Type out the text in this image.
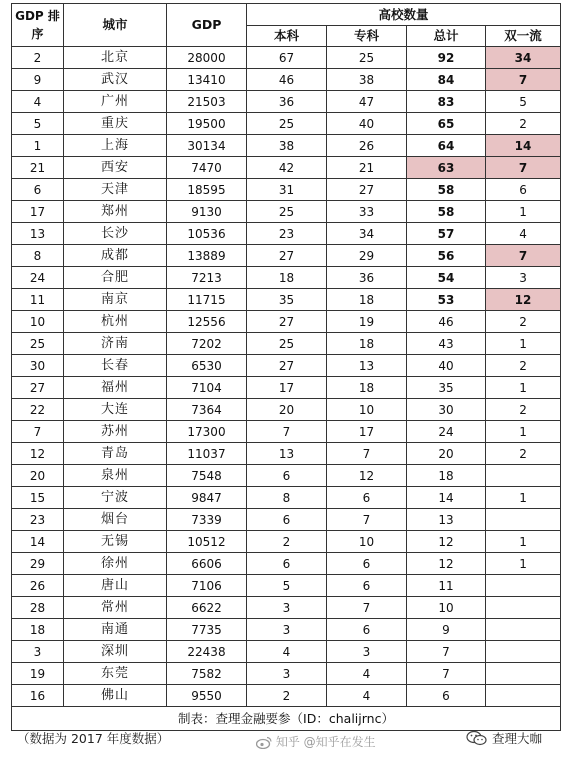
GDP 排序	城市	GDP	高校数量			
			本科	专科	总计	双一流
2	北京	28000	67	25	92	34
9	武汉	13410	46	38	84	7
4	广州	21503	36	47	83	5
5	重庆	19500	25	40	65	2
1	上海	30134	38	26	64	14
21	西安	7470	42	21	63	7
6	天津	18595	31	27	58	6
17	郑州	9130	25	33	58	1
13	长沙	10536	23	34	57	4
8	成都	13889	27	29	56	7
24	合肥	7213	18	36	54	3
11	南京	11715	35	18	53	12
10	杭州	12556	27	19	46	2
25	济南	7202	25	18	43	1
30	长春	6530	27	13	40	2
27	福州	7104	17	18	35	1
22	大连	7364	20	10	30	2
7	苏州	17300	7	17	24	1
12	青岛	11037	13	7	20	2
20	泉州	7548	6	12	18	
15	宁波	9847	8	6	14	1
23	烟台	7339	6	7	13	
14	无锡	10512	2	10	12	1
29	徐州	6606	6	6	12	1
26	唐山	7106	5	6	11	
28	常州	6622	3	7	10	
18	南通	7735	3	6	9	
3	深圳	22438	4	3	7	
19	东莞	7582	3	4	7	
16	佛山	9550	2	4	6	
制表：查理金融要参（ID：chalijrnc）						
（数据为 2017 年度数据）	知乎 @知乎在发生	查理大咖
